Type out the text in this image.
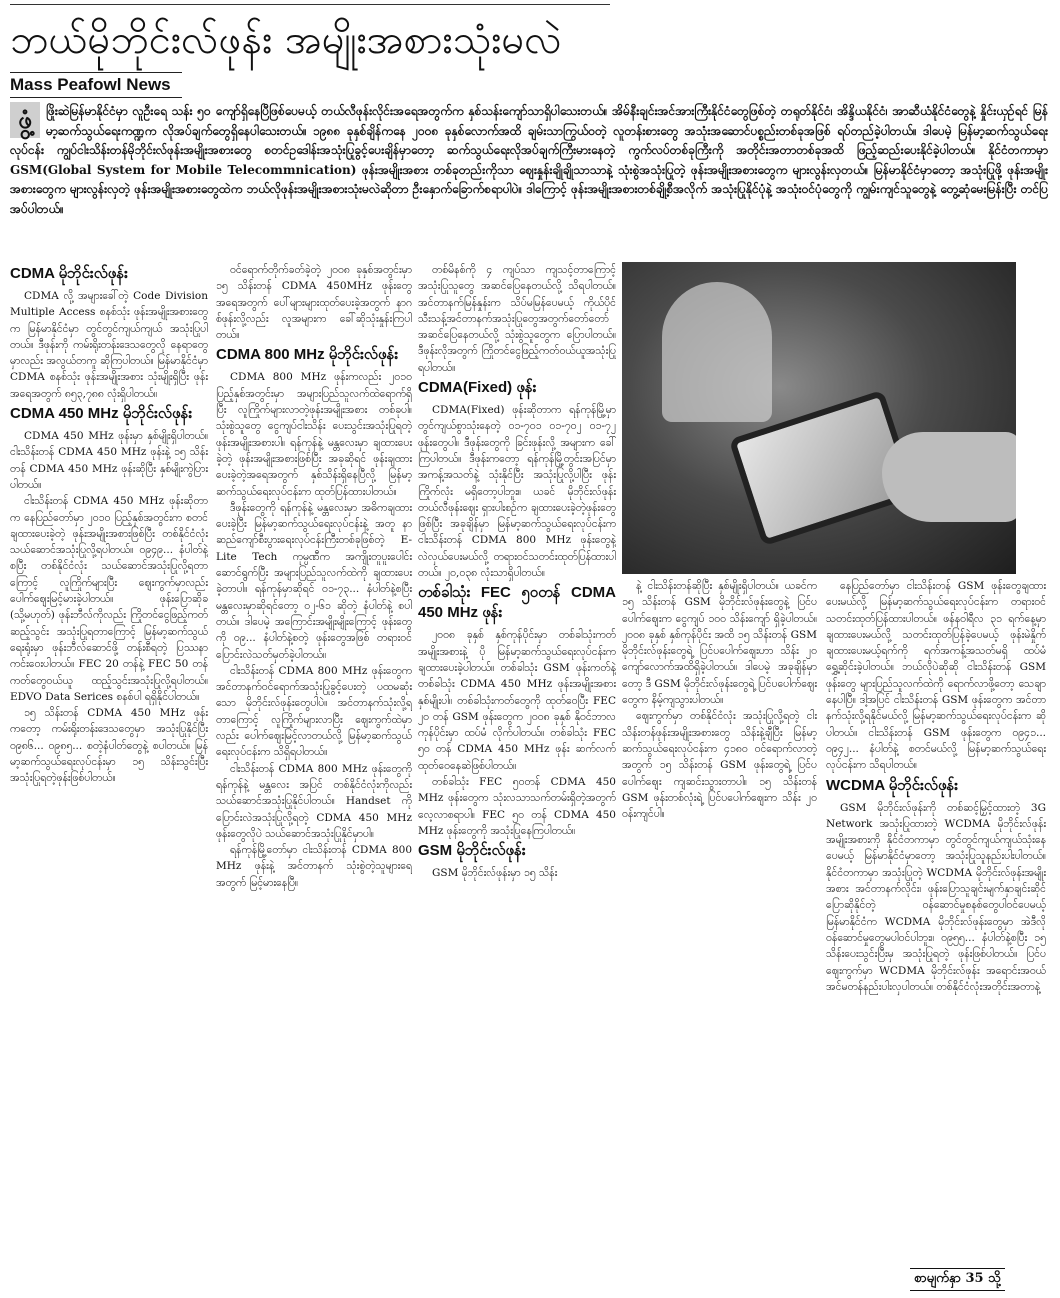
ဘယ်မိုဘိုင်းလ်ဖုန်း အမျိုးအစားသုံးမလဲ
Mass Peafowl News
ဖွံ့	ဖြိုးဆဲမြန်မာနိုင်ငံမှာ လူဦးရေ သန်း ၅၀ ကျော်ရှိနေပြီဖြစ်ပေမယ့် တယ်လီဖုန်းလိုင်းအရေအတွက်က နှစ်သန်းကျော်သာရှိပါသေးတယ်။ အိမ်နီးချင်းအင်အားကြီးနိုင်ငံတွေဖြစ်တဲ့ တရုတ်နိုင်ငံ၊ အိန္ဒိယနိုင်ငံ၊ အာဆီယံနိုင်ငံတွေနဲ့ နှိုင်းယှဉ်ရင် မြန်မာ့ဆက်သွယ်ရေးကဏ္ဍက လိုအပ်ချက်တွေရှိနေပါသေးတယ်။ ၁၉၈၈ ခုနှစ်ချိန်ကနေ ၂၀၀၈ ခုနှစ်လောက်အထိ ချမ်းသာကြွယ်ဝတဲ့ လူတန်းစားတွေ အသုံးအဆောင်ပစ္စည်းတစ်ခုအဖြစ် ရပ်တည်ခဲ့ပါတယ်။ ဒါပေမဲ့ မြန်မာ့ဆက်သွယ်ရေးလုပ်ငန်း ကျွပ်ငါးသိန်းတန်မိုဘိုင်းလ်ဖုန်းအမျိုးအစားတွေ စတင်ဥဒေါန်းအသုံးပြုခွင့်ပေးချိန်မှာတော့ ဆက်သွယ်ရေးလိုအပ်ချက်ကြီးမားနေတဲ့ ကွက်လပ်တစ်ခုကြီးကို အတိုင်းအတာတစ်ခုအထိ ဖြည့်ဆည်းပေးနိုင်ခဲ့ပါတယ်။ နိုင်ငံတကာမှာ GSM(Global System for Mobile Telecommnication) ဖုန်းအမျိုးအစား တစ်ခုတည်းကိုသာ ဈေးနှုန်းချိုချိုသာသာနဲ့ သုံးစွဲအသုံးပြုတဲ့ ဖုန်းအမျိုးအစားတွေက များလွန်းလှတယ်။ မြန်မာနိုင်ငံမှာတော့ အသုံးပြုဖို့ ဖုန်းအမျိုးအစားတွေက များလွန်းလှတဲ့ ဖုန်းအမျိုးအစားတွေထဲက ဘယ်လိုဖုန်းအမျိုးအစားသုံးမလဲဆိုတာ ဦးနှောက်ခြောက်စရာပါပဲ။ ဒါကြောင့် ဖုန်းအမျိုးအစားတစ်ချို့စီအလိုက် အသုံးပြုနိုင်ပုံနဲ့ အသုံးဝင်ပုံတွေကို ကျွမ်းကျင်သူတွေနဲ့ တွေ့ဆုံမေးမြန်းပြီး တင်ပြအပ်ပါတယ်။
CDMA မိုဘိုင်းလ်ဖုန်း

CDMA လို့ အများခေါ်တဲ့ Code Division Multiple Access စနစ်သုံး ဖုန်းအမျိုးအစားတွေက မြန်မာနိုင်ငံမှာ တွင်တွင်ကျယ်ကျယ် အသုံးပြုပါတယ်။ ဒီဖုန်းကို ကမ်းရိုးတန်းဒေသတွေလို နေရာတွေမှာလည်း အလွယ်တကူ ဆိုကြပါတယ်။ မြန်မာနိုင်ငံမှာ CDMA စနစ်သုံး ဖုန်းအမျိုးအစား သုံးမျိုးရှိပြီး ဖုန်းအရေအတွက် ၈၅၃,၇၈၈ လုံးရှိပါတယ်။

CDMA 450 MHz မိုဘိုင်းလ်ဖုန်း

CDMA 450 MHz ဖုန်းမှာ နှစ်မျိုးရှိပါတယ်။ ငါးသိန်းတန် CDMA 450 MHz ဖုန်းနဲ့ ၁၅ သိန်းတန် CDMA 450 MHz ဖုန်းဆိုပြီး နှစ်မျိုးကွဲပြားပါတယ်။

ငါးသိန်းတန် CDMA 450 MHz ဖုန်းဆိုတာက နေပြည်တော်မှာ ၂၀၁၀ ပြည့်နှစ်အတွင်းက စတင်ချထားပေးခဲ့တဲ့ ဖုန်းအမျိုးအစားဖြစ်ပြီး တစ်နိုင်ငံလုံး သယ်ဆောင်အသုံးပြုလို့ရပါတယ်။ ၀၉၄၉... နံပါတ်နဲ့စပြီး တစ်နိုင်ငံလုံး သယ်ဆောင်အသုံးပြုလို့ရတာကြောင့် လူကြိုက်များပြီး ဈေးကွက်မှာလည်း ပေါက်ဈေးမြင့်မားခဲ့ပါတယ်။ ဖုန်းပြောဆိုခ (သို့မဟုတ်) ဖုန်းဘီလ်ကိုလည်း ကြိုတင်ငွေဖြည့်ကတ်ဆည့်သွင်း အသုံးပြုရတာကြောင့် မြန်မာ့ဆက်သွယ်ရေးရုံးမှာ ဖုန်းဘီလ်ဆောင်ဖို့ တန်းစီရတဲ့ ပြဿနာကင်းဝေးပါတယ်။ FEC 20 တန်နဲ့ FEC 50 တန်ကတ်တွေဝယ်ယူ ထည့်သွင်းအသုံးပြုလို့ရပါတယ်။ EDVO Data Serices စနစ်ပါ ရရှိနိုင်ပါတယ်။

၁၅ သိန်းတန် CDMA 450 MHz ဖုန်းကတော့ ကမ်းရိုးတန်းဒေသတွေမှာ အသုံးပြုနိုင်ပြီး ၀၉၈၆... ၀၉၈၅... စတဲ့နံပါတ်တွေနဲ့ စပါတယ်။ မြန်မာ့ဆက်သွယ်ရေးလုပ်ငန်းမှာ ၁၅ သိန်းသွင်းပြီး အသုံးပြုရတဲ့ဖုန်းဖြစ်ပါတယ်။

ဝင်ရောက်တိုက်ခတ်ခဲ့တဲ့ ၂၀၀၈ ခုနှစ်အတွင်းမှာ ၁၅ သိန်းတန် CDMA 450MHz ဖုန်းတွေအရေအတွက် ပေါ်များများထုတ်ပေးခဲ့အတွက် နာဂစ်ဖုန်းလို့လည်း လူအများက ခေါ်ဆိုသုံးနှုန်းကြပါတယ်။

CDMA 800 MHz မိုဘိုင်းလ်ဖုန်း

CDMA 800 MHz ဖုန်းကလည်း ၂၀၁၀ ပြည့်နှစ်အတွင်းမှာ အများပြည်သူလက်ထဲရောက်ရှိပြီး လူကြိုက်များလာတဲ့ဖုန်းအမျိုးအစား တစ်ခုပါ။ သုံးစွဲသူတွေ ငွေကျပ်ငါးသိန်း ပေးသွင်းအသုံးပြုရတဲ့ ဖုန်းအမျိုးအစားပါ။ ရန်ကုန်နဲ့ မန္တလေးမှာ ချထားပေးခဲ့တဲ့ ဖုန်းအမျိုးအစားဖြစ်ပြီး အခုဆိုရင် ဖုန်းချထားပေးခဲ့တဲ့အရေအတွက် နှစ်သိန်းရှိနေပြီလို့ မြန်မာ့ဆက်သွယ်ရေးလုပ်ငန်းက ထုတ်ပြန်ထားပါတယ်။

ဒီဖုန်းတွေကို ရန်ကုန်နဲ့ မန္တလေးမှာ အဓိကချထားပေးခဲ့ပြီး မြန်မာ့ဆက်သွယ်ရေးလုပ်ငန်းနဲ့ အတူ နာဆည်ကျော်စီးပွားရေးလုပ်ငန်းကြီးတစ်ခုဖြစ်တဲ့ E-Lite Tech ကုမ္ပဏီက အကျိုးတူပူးပေါင်းဆောင်ရွက်ပြီး အများပြည်သူလက်ထဲကို ချထားပေးခဲ့တာပါ။ ရန်ကုန်မှာဆိုရင် ၀၁-၇၃... နံပါတ်နဲ့စပြီး မန္တလေးမှာဆိုရင်တော့ ၀၂-၆၁ ဆိုတဲ့ နံပါတ်နဲ့ စပါတယ်။ ဒါပေမဲ့ အကြောင်းအမျိုးမျိုးကြောင့် ဖုန်းတွေကို ၀၉... နံပါတ်နဲ့စတဲ့ ဖုန်းတွေအဖြစ် တရားဝင်ပြောင်းလဲသတ်မှတ်ခဲ့ပါတယ်။

ငါးသိန်းတန် CDMA 800 MHz ဖုန်းတွေက အင်တာနက်ဝင်ရောက်အသုံးပြုခွင့်ပေးတဲ့ ပထမဆုံးသော မိုဘိုင်းလ်ဖုန်းတွေပါပဲ။ အင်တာနက်သုံးလို့ရတာကြောင့် လူကြိုက်များလာပြီး ဈေးကွက်ထဲမှာလည်း ပေါက်ဈေးမြင့်လာတယ်လို့ မြန်မာ့ဆက်သွယ်ရေးလုပ်ငန်းက သိရှိရပါတယ်။

ငါးသိန်းတန် CDMA 800 MHz ဖုန်းတွေကို ရန်ကုန်နဲ့ မန္တလေး အပြင် တစ်နိုင်ငံလုံးကိုလည်း သယ်ဆောင်အသုံးပြုနိုင်ပါတယ်။ Handset ကို ပြောင်းလဲအသုံးပြုလို့ရတဲ့ CDMA 450 MHz ဖုန်းတွေလိုပဲ သယ်ဆောင်အသုံးပြုနိုင်မှာပါ။

ရန်ကုန်မြို့တော်မှာ ငါးသိန်းတန် CDMA 800 MHz ဖုန်းနဲ့ အင်တာနက် သုံးစွဲတဲ့သူများရေအတွက် မြင့်မားနေပြီ။

တစ်မိနစ်ကို ၄ ကျပ်သာ ကျသင့်တာကြောင့် အသုံးပြုသူတွေ အဆင်ပြေနေတယ်လို့ သိရပါတယ်။ အင်တာနက်မြန်နှုန်းက သိပ်မမြန်ပေမယ့် ကိုယ်ပိုင်သီးသန့်အင်တာနက်အသုံးပြုတွေအတွက်တော်တော်အဆင်ပြေနေတယ်လို့ သုံးစွဲသူတွေက ပြောပါတယ်။ ဒီဖုန်းလိုအတွက် ကြိုတင်ငွေဖြည့်ကတ်ဝယ်ယူအသုံးပြုရပါတယ်။

CDMA(Fixed) ဖုန်း

CDMA(Fixed) ဖုန်းဆိုတာက ရန်ကုန်မြို့မှာ တွင်ကျယ်စွာသုံးနေတဲ့ ၀၁-၇၀၁ ၀၁-၇၀၂ ၀၁-၇၂ ဖုန်းတွေပါ။ ဒီဖုန်းတွေကို ခြင်းဖုန်းလို့ အများက ခေါ်ကြပါတယ်။ ဒီဖုန်းကတော့ ရန်ကုန်မြို့တွင်းအပြင်မှာ အကန့်အသတ်နဲ့ သုံးနိုင်ပြီး အသုံးပြုလို့ပါပြီး ဖုန်းကြိုက်လုံး မရှိတော့ပါဘူး။ ယခင် မိုဘိုင်းလ်ဖုန်းတယ်လီဖုန်းဈေး ရှားပါးစဉ်က ချထားပေးခဲ့တဲ့ဖုန်းတွေဖြစ်ပြီး အခုချိန်မှာ မြန်မာ့ဆက်သွယ်ရေးလုပ်ငန်းက ငါးသိန်းတန် CDMA 800 MHz ဖုန်းတွေနဲ့ လဲလှယ်ပေးမယ်လို့ တရားဝင်သတင်းထုတ်ပြန်ထားပါတယ်။ ၂၀,၀၃၈ လုံးသာရှိပါတယ်။

တစ်ခါသုံး FEC ၅၀တန် CDMA 450 MHz ဖုန်း

၂၀၀၈ ခုနှစ် နှစ်ကုန်ပိုင်းမှာ တစ်ခါသုံးကတ် အမျိုးအစားနဲ့ ပို မြန်မာ့ဆက်သွယ်ရေးလုပ်ငန်းက ချထားပေးခဲ့ပါတယ်။ တစ်ခါသုံး GSM ဖုန်းကတ်နဲ့ တစ်ခါသုံး CDMA 450 MHz ဖုန်းအမျိုးအစား နှစ်မျိုးပါ။ တစ်ခါသုံးကတ်တွေကို ထုတ်ဝေပြီး FEC ၂၀ တန် GSM ဖုန်းတွေက ၂၀၀၈ ခုနှစ် နိုဝင်ဘာလကုန်ပိုင်းမှာ ထပ်မံ လိုက်ပါတယ်။ တစ်ခါသုံး FEC ၅၀ တန် CDMA 450 MHz ဖုန်း ဆက်လက်ထုတ်ဝေနေဆဲဖြစ်ပါတယ်။

တစ်ခါသုံး FEC ၅၀တန် CDMA 450 MHz ဖုန်းတွေက သုံးလသာသက်တမ်းရှိတဲ့အတွက် လေ့လာစရာပါ။ FEC ၅၀ တန် CDMA 450 MHz ဖုန်းတွေကို အသုံးပြုနေကြပါတယ်။

GSM မိုဘိုင်းလ်ဖုန်း

GSM မိုဘိုင်းလ်ဖုန်းမှာ ၁၅ သိန်း

နဲ့ ငါးသိန်းတန်ဆိုပြီး နှစ်မျိုးရှိပါတယ်။ ယခင်က ၁၅ သိန်းတန် GSM မိုဘိုင်းလ်ဖုန်းတွေနဲ့ ပြင်ပပေါက်ဈေးက ငွေကျပ် ၁၀၀ သိန်းကျော် ရှိခဲ့ပါတယ်။ ၂၀၀၈ ခုနှစ် နှစ်ကုန်ပိုင်း အထိ ၁၅ သိန်းတန် GSM မိုဘိုင်းလ်ဖုန်းတွေရဲ့ ပြင်ပပေါက်ဈေးဟာ သိန်း ၂၀ ကျော်လောက်အထိရှိခဲ့ပါတယ်။ ဒါပေမဲ့ အခုချိန်မှာတော့ ဒီ GSM မိုဘိုင်းလ်ဖုန်းတွေရဲ့ ပြင်ပပေါက်ဈေးတွေက နိမ့်ကျသွားပါတယ်။

ဈေးကွက်မှာ တစ်နိုင်ငံလုံး အသုံးပြုလို့ရတဲ့ ငါးသိန်းတန်ဖုန်းအမျိုးအစားတွေ သိန်းနဲ့ချီပြီး မြန်မာ့ဆက်သွယ်ရေးလုပ်ငန်းက ၄၁၈၀ ဝင်ရောက်လာတဲ့အတွက် ၁၅ သိန်းတန် GSM ဖုန်းတွေရဲ့ ပြင်ပပေါက်ဈေး ကျဆင်းသွားတာပါ။ ၁၅ သိန်းတန် GSM ဖုန်းတစ်လုံးရဲ့ ပြင်ပပေါက်ဈေးက သိန်း ၂၀ ဝန်းကျင်ပါ။

နေပြည်တော်မှာ ငါးသိန်းတန် GSM ဖုန်းတွေချထားပေးမယ်လို့ မြန်မာ့ဆက်သွယ်ရေးလုပ်ငန်းက တရားဝင်သတင်းထုတ်ပြန်ထားပါတယ်။ ဖန်နဝါရီလ ၃၁ ရက်နေ့မှာ ချထားပေးမယ်လို့ သတင်းထုတ်ပြန်ခဲ့ပေမယ့် ဖုန်းမဲနှိုက် ချထားပေးမယ့်ရက်ကို ရက်အကန့်အသတ်မရှိ ထပ်မံရွှေ့ဆိုင်းခဲ့ပါတယ်။ ဘယ်လိုပဲဆိုဆို ငါးသိန်းတန် GSM ဖုန်းတွေ များပြည်သူလက်ထဲကို ရောက်လာဖို့တော့ သေချာနေပါပြီ။ ဒါ့အပြင် ငါးသိန်းတန် GSM ဖုန်းတွေက အင်တာနက်သုံးလို့ရနိုင်မယ်လို့ မြန်မာ့ဆက်သွယ်ရေးလုပ်ငန်းက ဆိုပါတယ်။ ငါးသိန်းတန် GSM ဖုန်းတွေက ၀၉၄၁... ၀၉၄၂... နံပါတ်နဲ့ စတင်မယ်လို့ မြန်မာ့ဆက်သွယ်ရေးလုပ်ငန်းက သိရပါတယ်။

WCDMA မိုဘိုင်းလ်ဖုန်း

GSM မိုဘိုင်းလ်ဖုန်းကို တစ်ဆင့်မြှင့်ထားတဲ့ 3G Network အသုံးပြုထားတဲ့ WCDMA မိုဘိုင်းလ်ဖုန်းအမျိုးအစားကို နိုင်ငံတကာမှာ တွင်တွင်ကျယ်ကျယ်သုံးနေပေမယ့် မြန်မာနိုင်ငံမှာတော့ အသုံးပြုသူနည်းပါးပါတယ်။ နိုင်ငံတကာမှာ အသုံးပြုတဲ့ WCDMA မိုဘိုင်းလ်ဖုန်းအမျိုးအစား အင်တာနက်လိုင်း၊ ဖုန်းပြောသူချင်းမျက်နှာချင်းဆိုင်ပြောဆိုနိုင်တဲ့ ဝန်ဆောင်မှုစနစ်တွေပါဝင်ပေမယ့် မြန်မာနိုင်ငံက WCDMA မိုဘိုင်းလ်ဖုန်းတွေမှာ အဲဒီလိုဝန်ဆောင်မှုတွေမပါဝင်ပါဘူး။ ၀၉၅၅... နံပါတ်နဲ့စပြီး ၁၅ သိန်းပေးသွင်းပြီးမှ အသုံးပြုရတဲ့ ဖုန်းဖြစ်ပါတယ်။ ပြင်ပဈေးကွက်မှာ WCDMA မိုဘိုင်းလ်ဖုန်း အရောင်းအဝယ် အင်မတန်နည်းပါးလှပါတယ်။ တစ်နိုင်ငံလုံးအတိုင်းအတာနဲ့

စာမျက်နှာ 35 သို့
